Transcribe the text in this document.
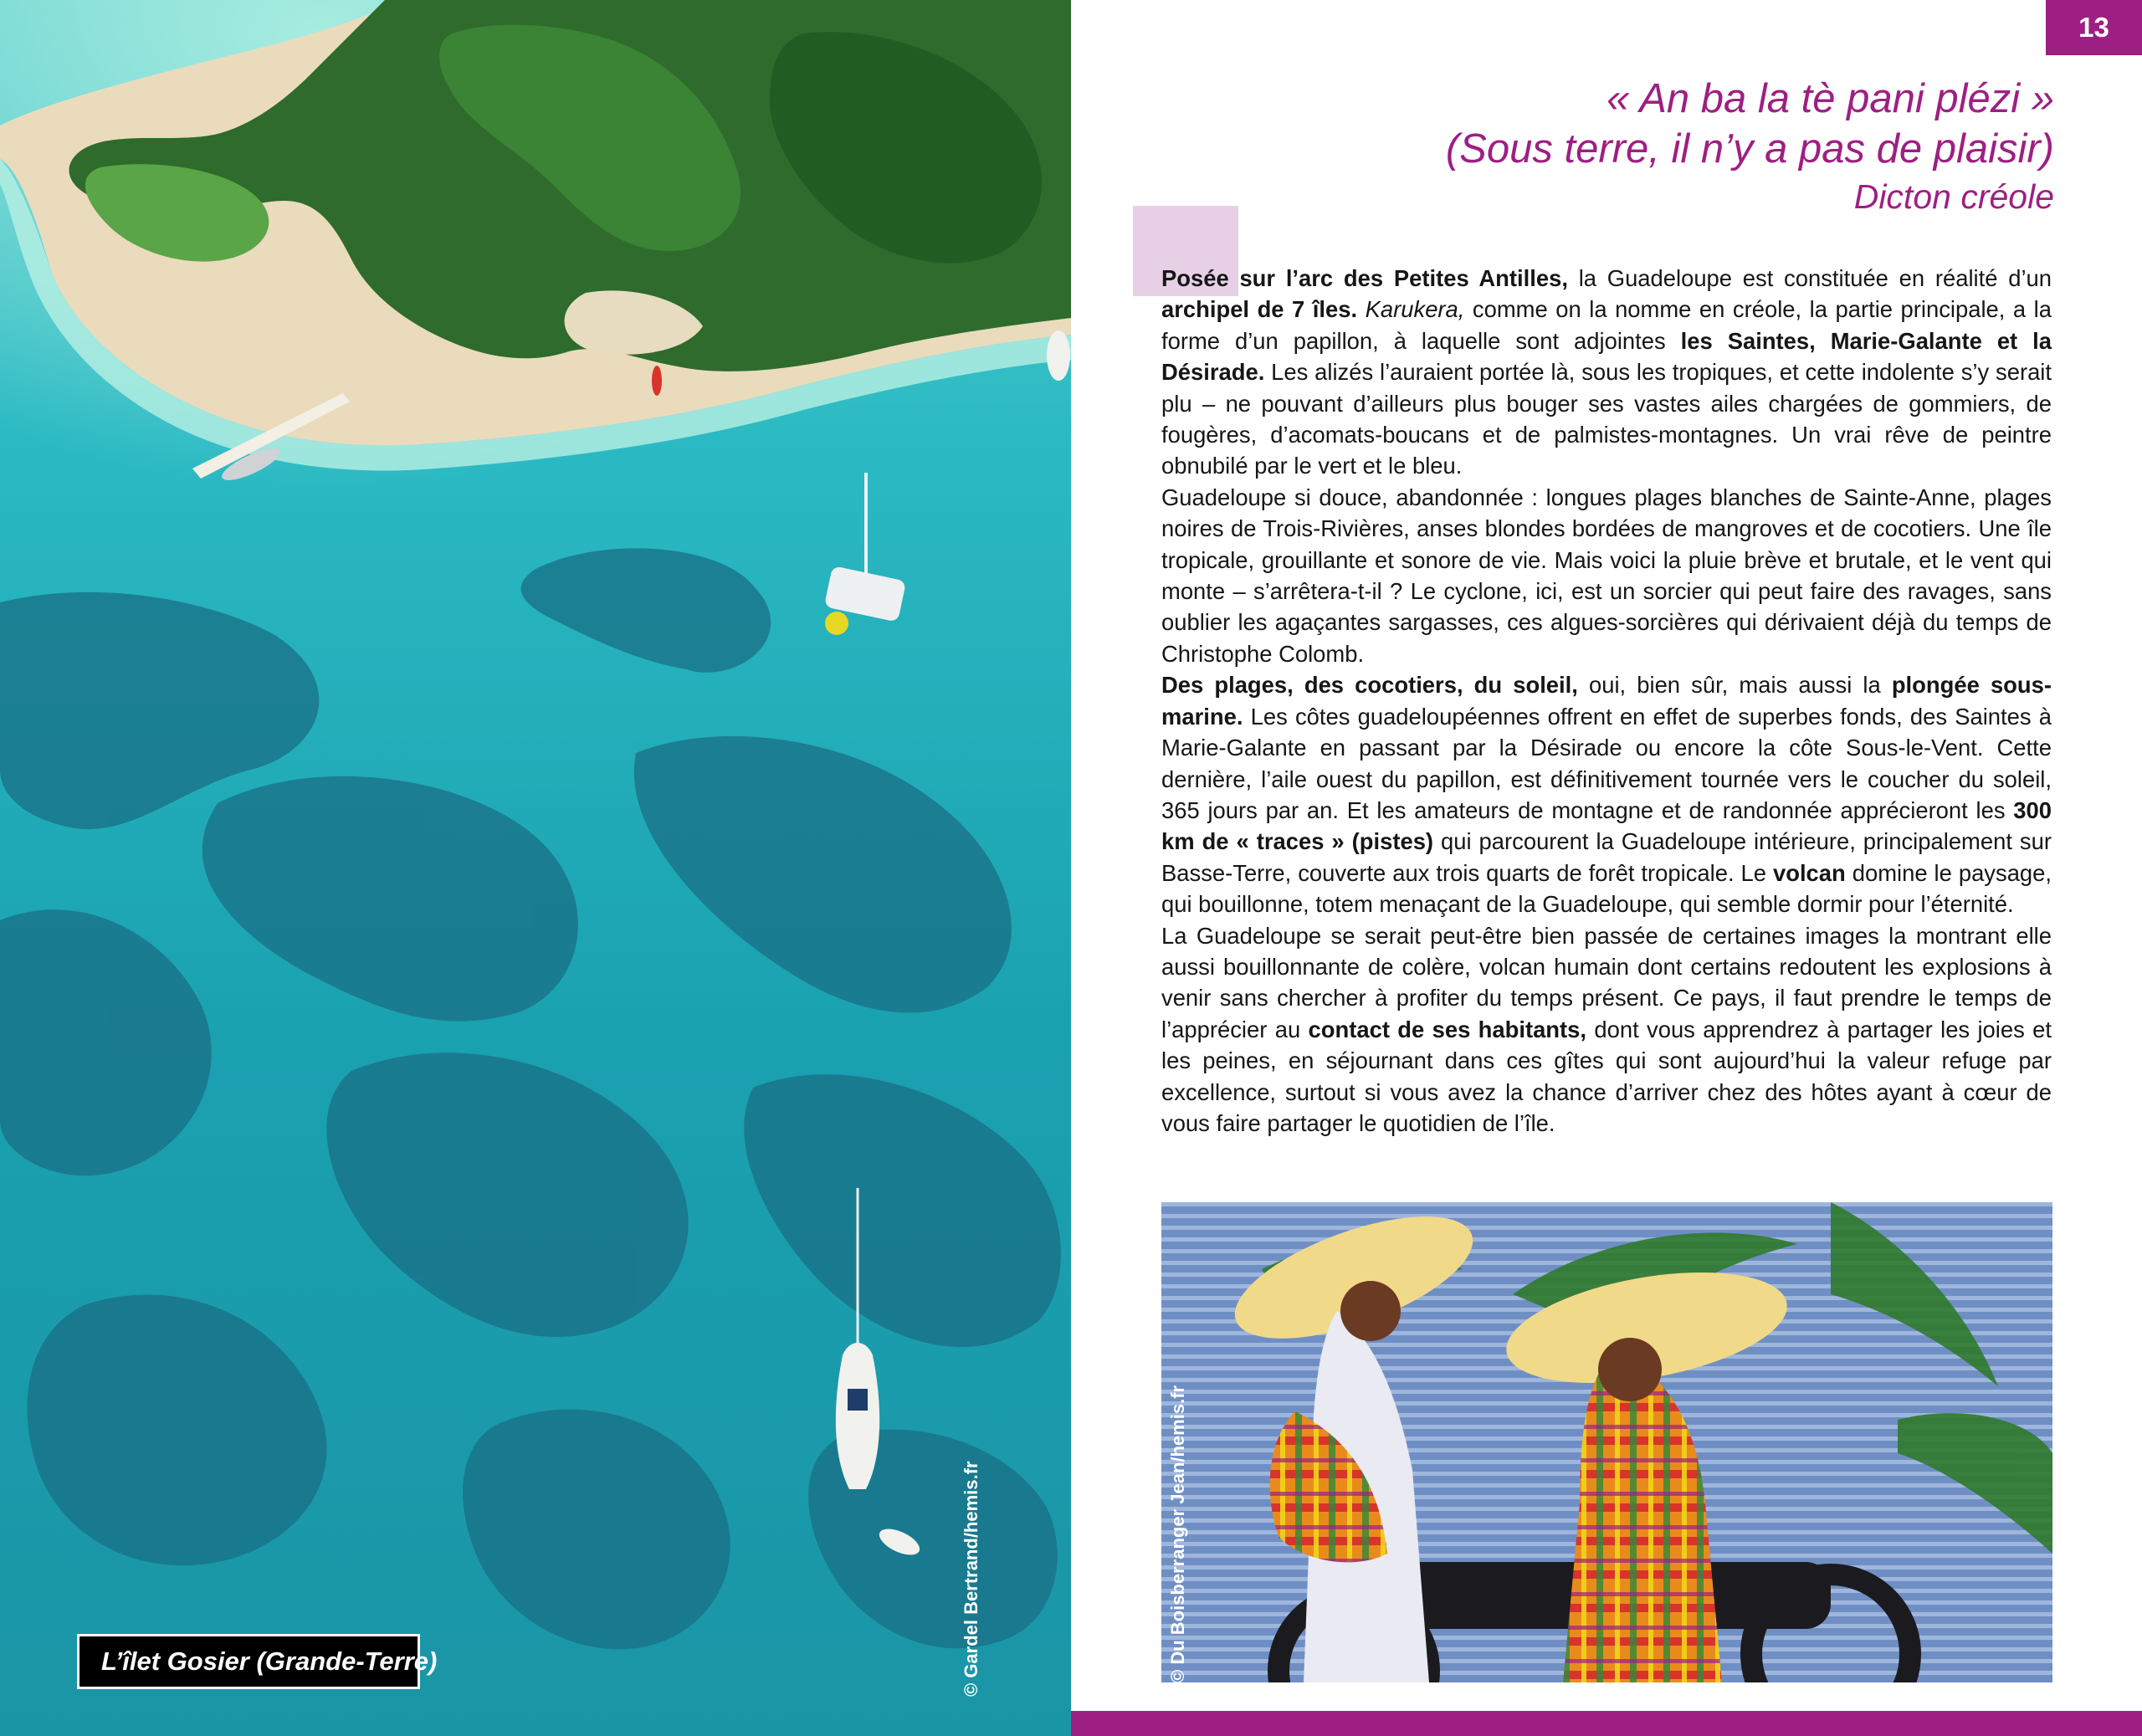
L’îlet Gosier (Grande-Terre)	© Gardel Bertrand/hemis.fr
13
« An ba la tè pani plézi »
(Sous terre, il n’y a pas de plaisir)
Dicton créole

Posée sur l’arc des Petites Antilles, la Guadeloupe est constituée en réalité d’un archipel de 7 îles. Karukera, comme on la nomme en créole, la partie principale, a la forme d’un papillon, à laquelle sont adjointes les Saintes, Marie-Galante et la Désirade. Les alizés l’auraient portée là, sous les tropiques, et cette indolente s’y serait plu – ne pouvant d’ailleurs plus bouger ses vastes ailes chargées de gommiers, de fougères, d’acomats-boucans et de palmistes-montagnes. Un vrai rêve de peintre obnubilé par le vert et le bleu.

Guadeloupe si douce, abandonnée : longues plages blanches de Sainte-Anne, plages noires de Trois-Rivières, anses blondes bordées de mangroves et de cocotiers. Une île tropicale, grouillante et sonore de vie. Mais voici la pluie brève et brutale, et le vent qui monte – s’arrêtera-t-il ? Le cyclone, ici, est un sorcier qui peut faire des ravages, sans oublier les agaçantes sargasses, ces algues-sorcières qui dérivaient déjà du temps de Christophe Colomb.

Des plages, des cocotiers, du soleil, oui, bien sûr, mais aussi la plongée sous-marine. Les côtes guadeloupéennes offrent en effet de superbes fonds, des Saintes à Marie-Galante en passant par la Désirade ou encore la côte Sous-le-Vent. Cette dernière, l’aile ouest du papillon, est définitivement tournée vers le coucher du soleil, 365 jours par an. Et les amateurs de montagne et de randonnée apprécieront les 300 km de « traces » (pistes) qui parcourent la Guadeloupe intérieure, principalement sur Basse-Terre, couverte aux trois quarts de forêt tropicale. Le volcan domine le paysage, qui bouillonne, totem menaçant de la Guadeloupe, qui semble dormir pour l’éternité.

La Guadeloupe se serait peut-être bien passée de certaines images la montrant elle aussi bouillonnante de colère, volcan humain dont certains redoutent les explosions à venir sans chercher à profiter du temps présent. Ce pays, il faut prendre le temps de l’apprécier au contact de ses habitants, dont vous apprendrez à partager les joies et les peines, en séjournant dans ces gîtes qui sont aujourd’hui la valeur refuge par excellence, surtout si vous avez la chance d’arriver chez des hôtes ayant à cœur de vous faire partager le quotidien de l’île.

© Du Boisberranger Jean/hemis.fr
